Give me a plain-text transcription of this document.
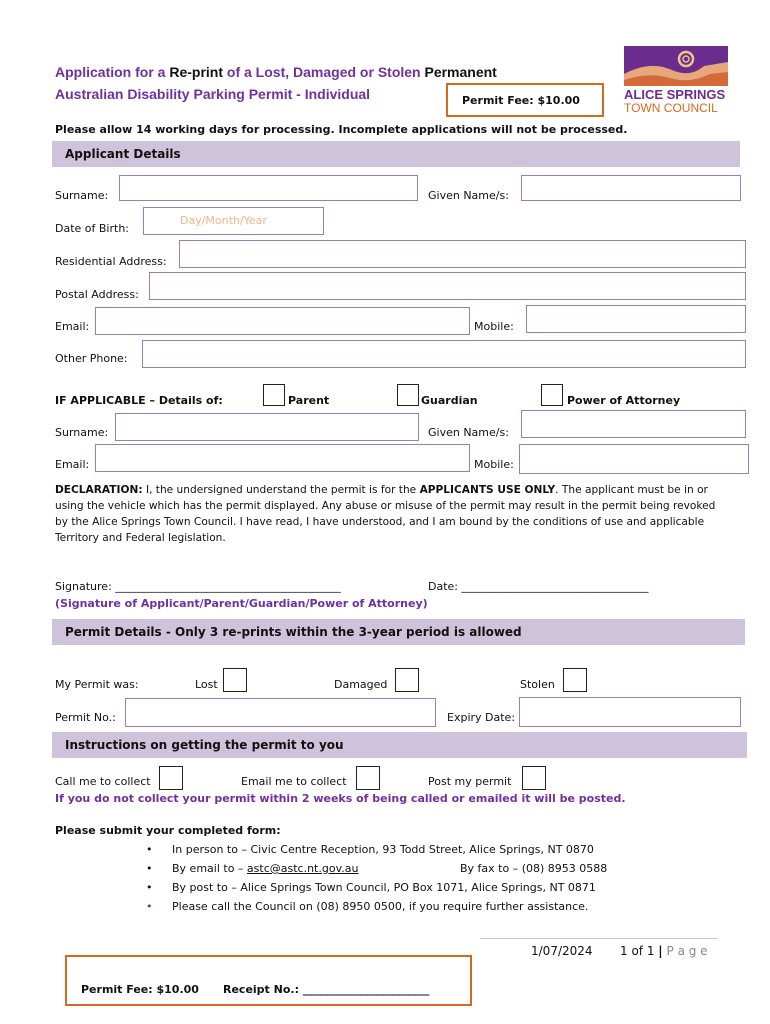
Application for a Re-print of a Lost, Damaged or Stolen Permanent
Australian Disability Parking Permit - Individual	Permit Fee: $10.00	ALICE SPRINGS
TOWN COUNCIL
Please allow 14 working days for processing. Incomplete applications will not be processed.
Applicant Details
Surname:	Given Name/s:
Date of Birth:
Day/Month/Year
Residential Address:
Postal Address:
Email:	Mobile:
Other Phone:
IF APPLICABLE – Details of:	Parent	Guardian	Power of Attorney
Surname:	Given Name/s:
Email:	Mobile:
DECLARATION: I, the undersigned understand the permit is for the APPLICANTS USE ONLY. The applicant must be in or using the vehicle which has the permit displayed. Any abuse or misuse of the permit may result in the permit being revoked by the Alice Springs Town Council. I have read, I have understood, and I am bound by the conditions of use and applicable Territory and Federal legislation.
Signature: _________________________________________	Date: __________________________________
(Signature of Applicant/Parent/Guardian/Power of Attorney)
Permit Details - Only 3 re-prints within the 3-year period is allowed
My Permit was:	Lost	Damaged	Stolen
Permit No.:	Expiry Date:
Instructions on getting the permit to you
Call me to collect	Email me to collect	Post my permit
If you do not collect your permit within 2 weeks of being called or emailed it will be posted.
Please submit your completed form:
• In person to – Civic Centre Reception, 93 Todd Street, Alice Springs, NT 0870
• By email to – astc@astc.nt.gov.au	By fax to – (08) 8953 0588
• By post to – Alice Springs Town Council, PO Box 1071, Alice Springs, NT 0871
• Please call the Council on (08) 8950 0500, if you require further assistance.
1/07/2024 1 of 1 | P a g e
Permit Fee: $10.00 Receipt No.: _______________________
